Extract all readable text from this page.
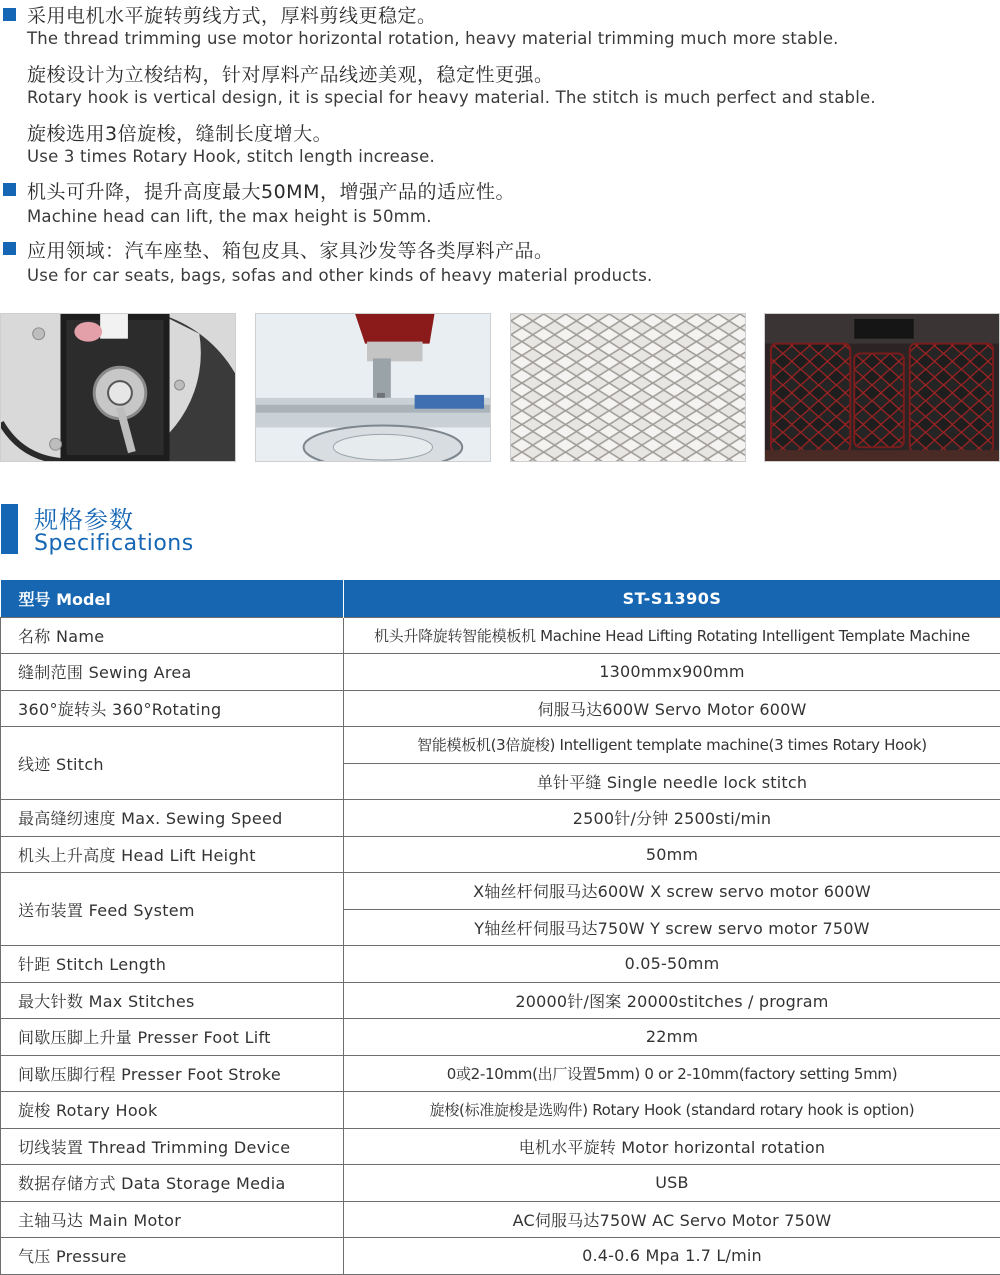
采用电机水平旋转剪线方式，厚料剪线更稳定。
The thread trimming use motor horizontal rotation, heavy material trimming much more stable.
旋梭设计为立梭结构，针对厚料产品线迹美观，稳定性更强。
Rotary hook is vertical design, it is special for heavy material. The stitch is much perfect and stable.
旋梭选用3倍旋梭，缝制长度增大。
Use 3 times Rotary Hook, stitch length increase.
机头可升降，提升高度最大50MM，增强产品的适应性。
Machine head can lift, the max height is 50mm.
应用领域：汽车座垫、箱包皮具、家具沙发等各类厚料产品。
Use for car seats, bags, sofas and other kinds of heavy material products.
规格参数
Specifications
型号 Model	ST-S1390S
名称 Name	机头升降旋转智能模板机 Machine Head Lifting Rotating Intelligent Template Machine
缝制范围 Sewing Area	1300mmx900mm
360°旋转头 360°Rotating	伺服马达600W Servo Motor 600W
线迹 Stitch	智能模板机(3倍旋梭) Intelligent template machine(3 times Rotary Hook)
	单针平缝 Single needle lock stitch
最高缝纫速度 Max. Sewing Speed	2500针/分钟 2500sti/min
机头上升高度 Head Lift Height	50mm
送布装置 Feed System	X轴丝杆伺服马达600W X screw servo motor 600W
	Y轴丝杆伺服马达750W Y screw servo motor 750W
针距 Stitch Length	0.05-50mm
最大针数 Max Stitches	20000针/图案 20000stitches / program
间歇压脚上升量 Presser Foot Lift	22mm
间歇压脚行程 Presser Foot Stroke	0或2-10mm(出厂设置5mm) 0 or 2-10mm(factory setting 5mm)
旋梭 Rotary Hook	旋梭(标准旋梭是选购件) Rotary Hook (standard rotary hook is option)
切线装置 Thread Trimming Device	电机水平旋转 Motor horizontal rotation
数据存储方式 Data Storage Media	USB
主轴马达 Main Motor	AC伺服马达750W AC Servo Motor 750W
气压 Pressure	0.4-0.6 Mpa 1.7 L/min
